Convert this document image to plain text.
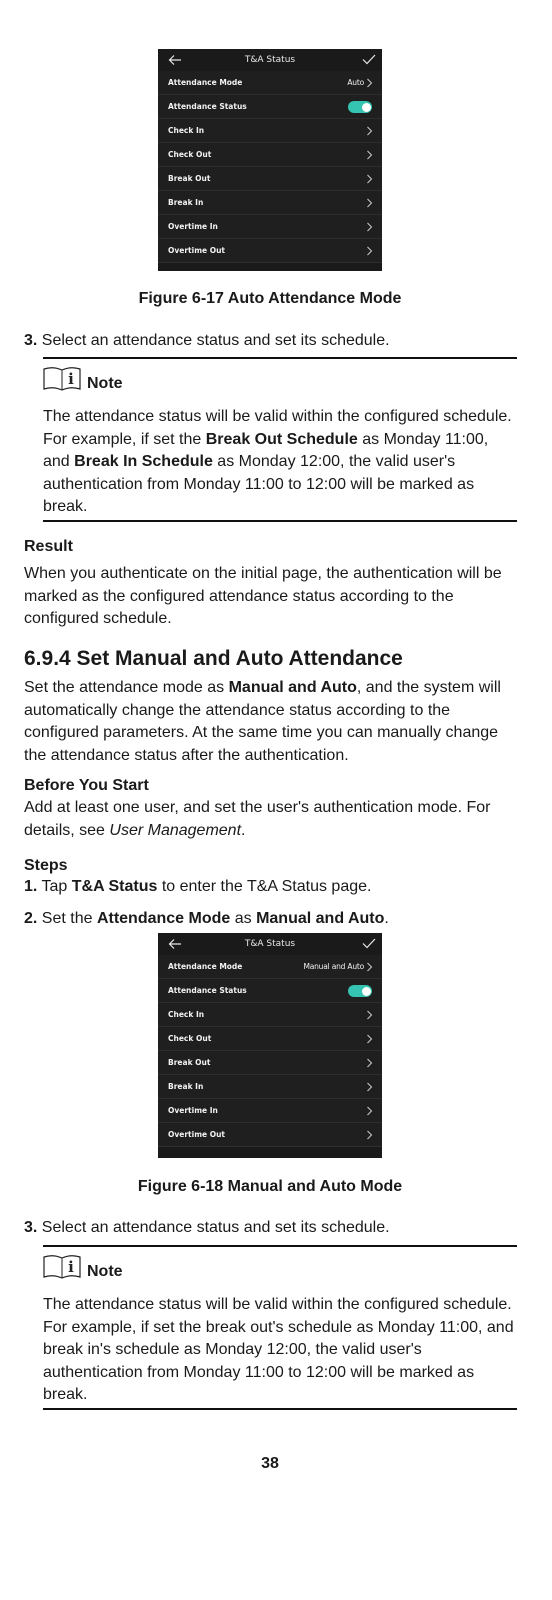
T&A Status
Attendance Mode	Auto
Attendance Status
Check In
Check Out
Break Out
Break In
Overtime In
Overtime Out
Figure 6-17 Auto Attendance Mode
3. Select an attendance status and set its schedule.
i Note
The attendance status will be valid within the configured schedule. For example, if set the Break Out Schedule as Monday 11:00, and Break In Schedule as Monday 12:00, the valid user's authentication from Monday 11:00 to 12:00 will be marked as break.
Result
When you authenticate on the initial page, the authentication will be marked as the configured attendance status according to the configured schedule.
6.9.4 Set Manual and Auto Attendance
Set the attendance mode as Manual and Auto, and the system will automatically change the attendance status according to the configured parameters. At the same time you can manually change the attendance status after the authentication.
Before You Start
Add at least one user, and set the user's authentication mode. For details, see User Management.
Steps
1. Tap T&A Status to enter the T&A Status page.
2. Set the Attendance Mode as Manual and Auto.
T&A Status
Attendance Mode	Manual and Auto
Attendance Status
Check In
Check Out
Break Out
Break In
Overtime In
Overtime Out
Figure 6-18 Manual and Auto Mode
3. Select an attendance status and set its schedule.
i Note
The attendance status will be valid within the configured schedule. For example, if set the break out's schedule as Monday 11:00, and break in's schedule as Monday 12:00, the valid user's authentication from Monday 11:00 to 12:00 will be marked as break.
38
